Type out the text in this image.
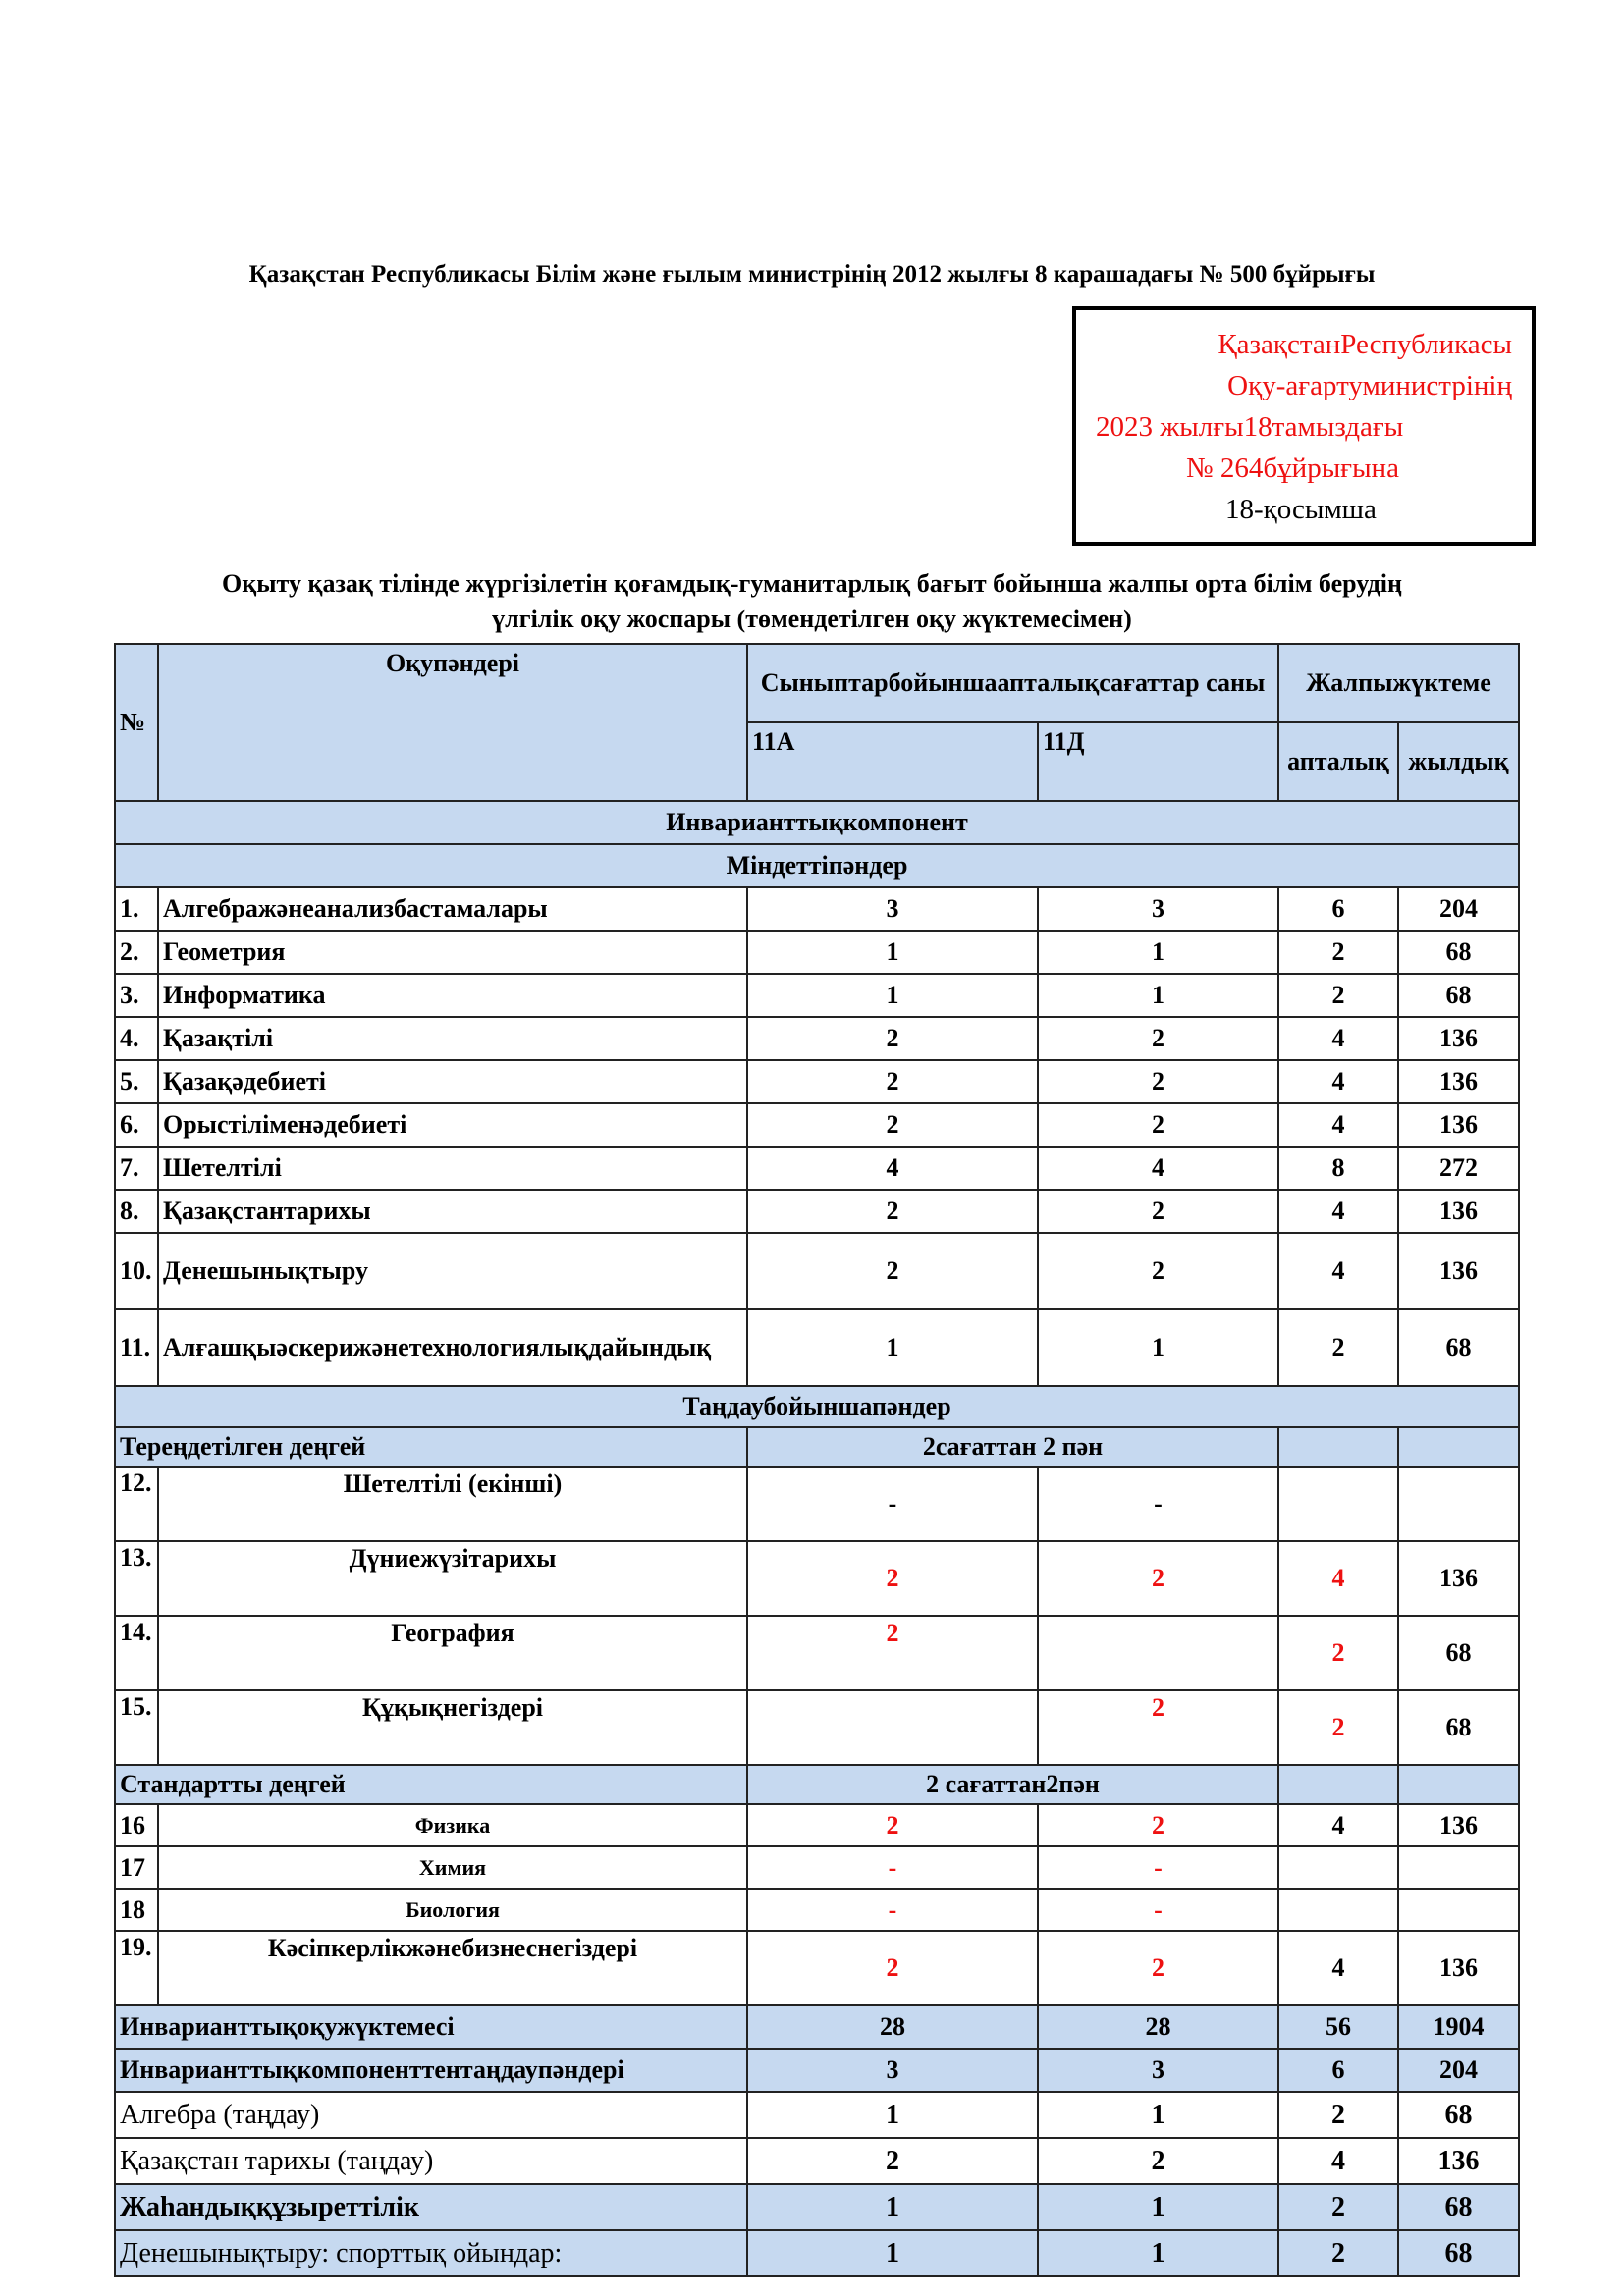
Қазақстан Республикасы Білім және ғылым министрінің 2012 жылғы 8 карашадағы № 500 бұйрығы
ҚазақстанРеспубликасы
Оқу-ағартуминистрінің
2023 жылғы18тамыздағы
№ 264бұйрығына
18-қосымша
Оқыту қазақ тілінде жүргізілетін қоғамдық-гуманитарлық бағыт бойынша жалпы орта білім берудің
үлгілік оқу жоспары (төмендетілген оқу жүктемесімен)
№	Оқупәндері	Сыныптарбойыншаапталықсағаттар саны		Жалпыжүктеме	
		11А	11Д	апталық	жылдық
Инварианттықкомпонент					
Міндеттіпәндер					
1.	Алгебражәнеанализбастамалары	3	3	6	204
2.	Геометрия	1	1	2	68
3.	Информатика	1	1	2	68
4.	Қазақтілі	2	2	4	136
5.	Қазақәдебиеті	2	2	4	136
6.	Орыстіліменәдебиеті	2	2	4	136
7.	Шетелтілі	4	4	8	272
8.	Қазақстантарихы	2	2	4	136
10.	Денешынықтыру	2	2	4	136
11.	Алғашқыәскерижәнетехнологиялықдайындық	1	1	2	68
Таңдаубойыншапәндер					
Тереңдетілген деңгей		2сағаттан 2 пән			
12.	Шетелтілі (екінші)	-	-		
13.	Дүниежүзітарихы	2	2	4	136
14.	География	2		2	68
15.	Құқықнегіздері		2	2	68
Стандартты деңгей		2 сағаттан2пән			
16	Физика	2	2	4	136
17	Химия	-	-		
18	Биология	-	-		
19.	Кәсіпкерлікжәнебизнеснегіздері	2	2	4	136
Инварианттықоқужүктемесі		28	28	56	1904
Инварианттықкомпоненттентаңдаупәндері		3	3	6	204
Алгебра (таңдау)		1	1	2	68
Қазақстан тарихы (таңдау)		2	2	4	136
Жаһандыққұзыреттілік		1	1	2	68
Денешынықтыру: спорттық ойындар:		1	1	2	68
